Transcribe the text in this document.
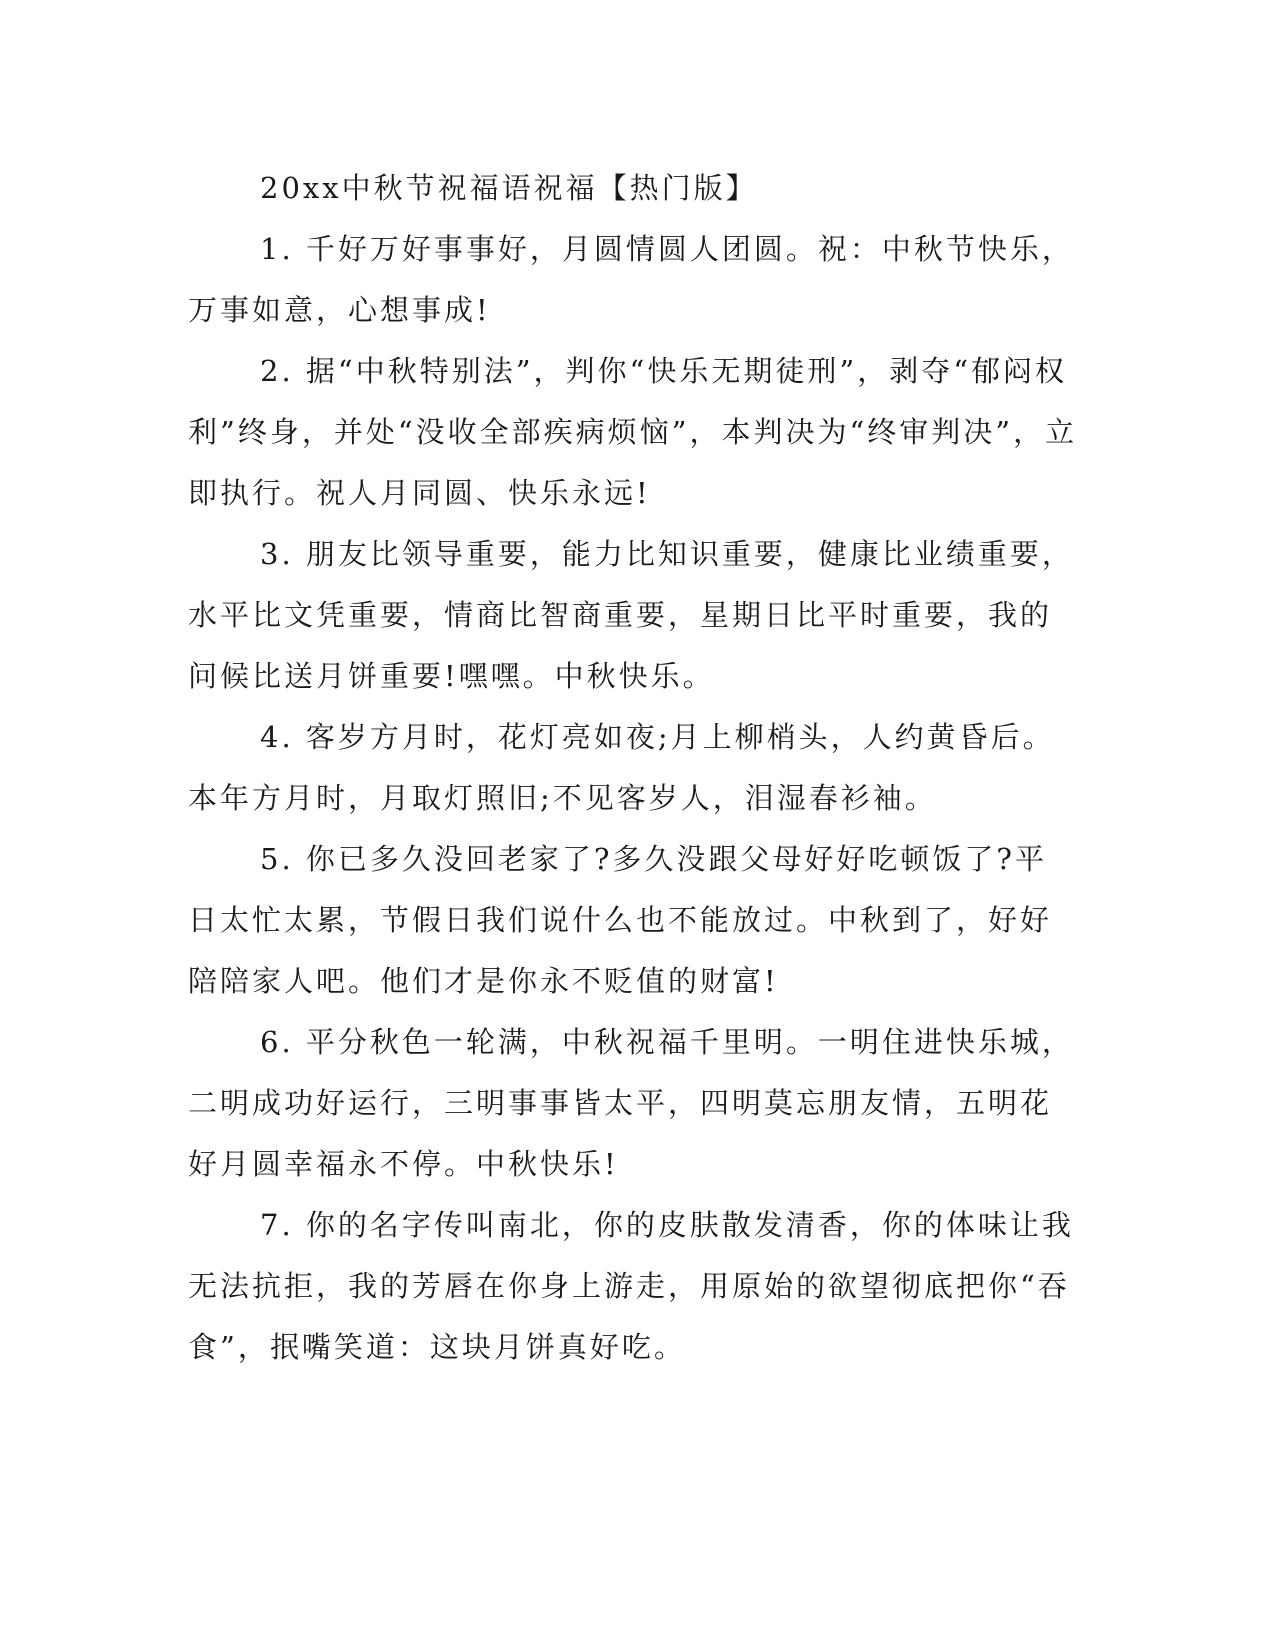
20xx中秋节祝福语祝福【热门版】

1. 千好万好事事好，月圆情圆人团圆。祝：中秋节快乐，万事如意，心想事成!

2. 据“中秋特别法”，判你“快乐无期徒刑”，剥夺“郁闷权利”终身，并处“没收全部疾病烦恼”，本判决为“终审判决”，立即执行。祝人月同圆、快乐永远!

3. 朋友比领导重要，能力比知识重要，健康比业绩重要，水平比文凭重要，情商比智商重要，星期日比平时重要，我的问候比送月饼重要!嘿嘿。中秋快乐。

4. 客岁方月时，花灯亮如夜;月上柳梢头，人约黄昏后。本年方月时，月取灯照旧;不见客岁人，泪湿春衫袖。

5. 你已多久没回老家了?多久没跟父母好好吃顿饭了?平日太忙太累，节假日我们说什么也不能放过。中秋到了，好好陪陪家人吧。他们才是你永不贬值的财富!

6. 平分秋色一轮满，中秋祝福千里明。一明住进快乐城，二明成功好运行，三明事事皆太平，四明莫忘朋友情，五明花好月圆幸福永不停。中秋快乐!

7. 你的名字传叫南北，你的皮肤散发清香，你的体味让我无法抗拒，我的芳唇在你身上游走，用原始的欲望彻底把你“吞食”，抿嘴笑道：这块月饼真好吃。
